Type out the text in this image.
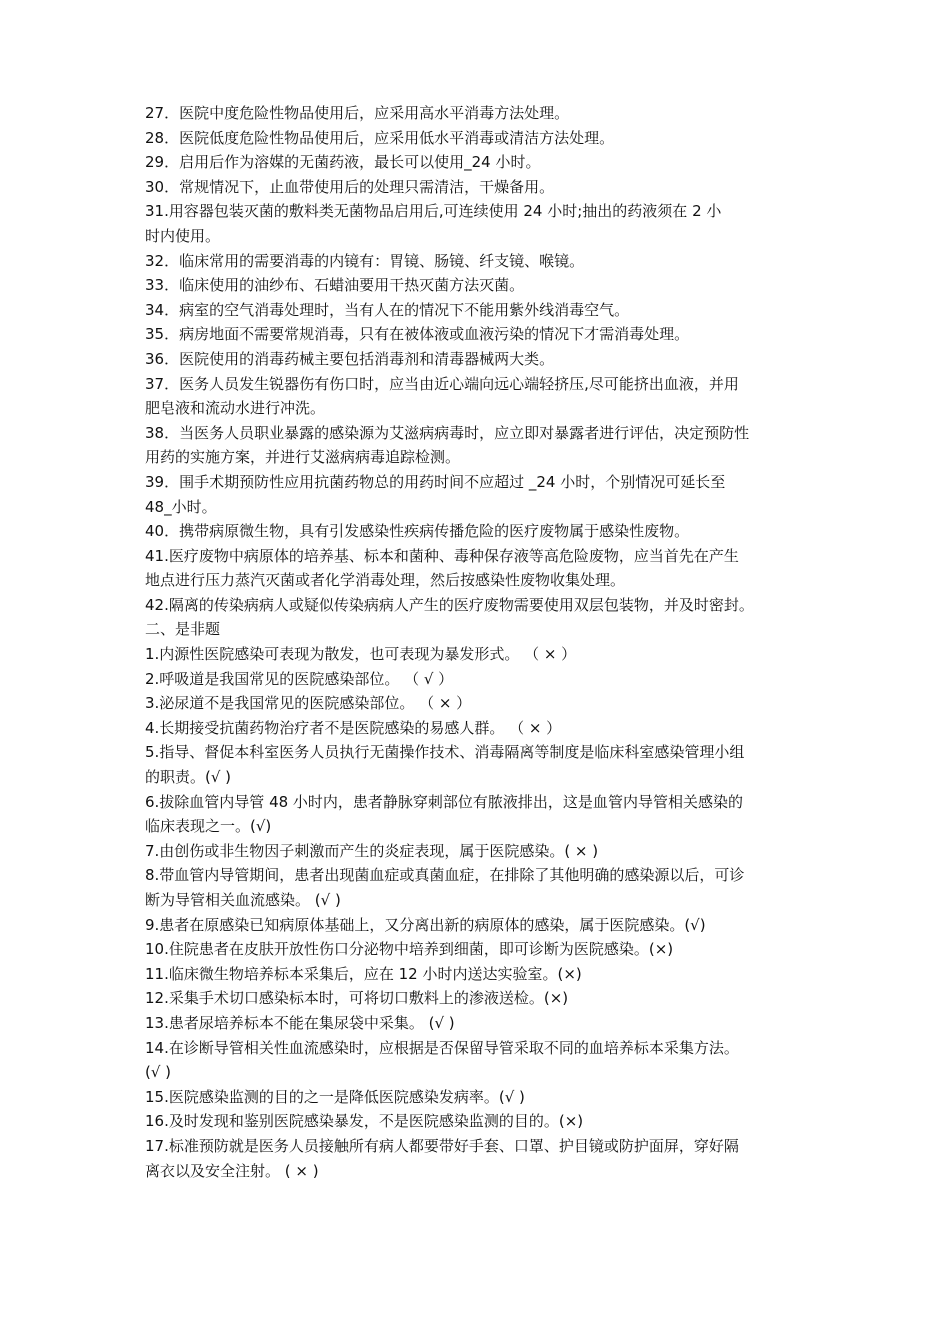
27．医院中度危险性物品使用后，应采用高水平消毒方法处理。
28．医院低度危险性物品使用后，应采用低水平消毒或清洁方法处理。
29．启用后作为溶媒的无菌药液，最长可以使用_24 小时。
30．常规情况下，止血带使用后的处理只需清洁，干燥备用。
31.用容器包装灭菌的敷料类无菌物品启用后,可连续使用 24 小时;抽出的药液须在 2 小
时内使用。
32．临床常用的需要消毒的内镜有：胃镜、肠镜、纤支镜、喉镜。
33．临床使用的油纱布、石蜡油要用干热灭菌方法灭菌。
34．病室的空气消毒处理时，当有人在的情况下不能用紫外线消毒空气。
35．病房地面不需要常规消毒，只有在被体液或血液污染的情况下才需消毒处理。
36．医院使用的消毒药械主要包括消毒剂和清毒器械两大类。
37．医务人员发生锐器伤有伤口时，应当由近心端向远心端轻挤压,尽可能挤出血液，并用
肥皂液和流动水进行冲洗。
38．当医务人员职业暴露的感染源为艾滋病病毒时，应立即对暴露者进行评估，决定预防性
用药的实施方案，并进行艾滋病病毒追踪检测。
39．围手术期预防性应用抗菌药物总的用药时间不应超过 _24 小时，个别情况可延长至
48_小时。
40．携带病原微生物，具有引发感染性疾病传播危险的医疗废物属于感染性废物。
41.医疗废物中病原体的培养基、标本和菌种、毒种保存液等高危险废物，应当首先在产生
地点进行压力蒸汽灭菌或者化学消毒处理，然后按感染性废物收集处理。
42.隔离的传染病病人或疑似传染病病人产生的医疗废物需要使用双层包装物，并及时密封。
二、是非题
1.内源性医院感染可表现为散发，也可表现为暴发形式。 （ × ）
2.呼吸道是我国常见的医院感染部位。 （ √ ）
3.泌尿道不是我国常见的医院感染部位。 （ × ）
4.长期接受抗菌药物治疗者不是医院感染的易感人群。 （ × ）
5.指导、督促本科室医务人员执行无菌操作技术、消毒隔离等制度是临床科室感染管理小组
的职责。(√ )
6.拔除血管内导管 48 小时内，患者静脉穿刺部位有脓液排出，这是血管内导管相关感染的
临床表现之一。(√)
7.由创伤或非生物因子刺激而产生的炎症表现，属于医院感染。( × )
8.带血管内导管期间，患者出现菌血症或真菌血症，在排除了其他明确的感染源以后，可诊
断为导管相关血流感染。 (√ )
9.患者在原感染已知病原体基础上，又分离出新的病原体的感染，属于医院感染。(√)
10.住院患者在皮肤开放性伤口分泌物中培养到细菌，即可诊断为医院感染。(×)
11.临床微生物培养标本采集后，应在 12 小时内送达实验室。(×)
12.采集手术切口感染标本时，可将切口敷料上的渗液送检。(×)
13.患者尿培养标本不能在集尿袋中采集。 (√ )
14.在诊断导管相关性血流感染时，应根据是否保留导管采取不同的血培养标本采集方法。
(√ )
15.医院感染监测的目的之一是降低医院感染发病率。(√ )
16.及时发现和鉴别医院感染暴发，不是医院感染监测的目的。(×)
17.标准预防就是医务人员接触所有病人都要带好手套、口罩、护目镜或防护面屏，穿好隔
离衣以及安全注射。 ( × )
